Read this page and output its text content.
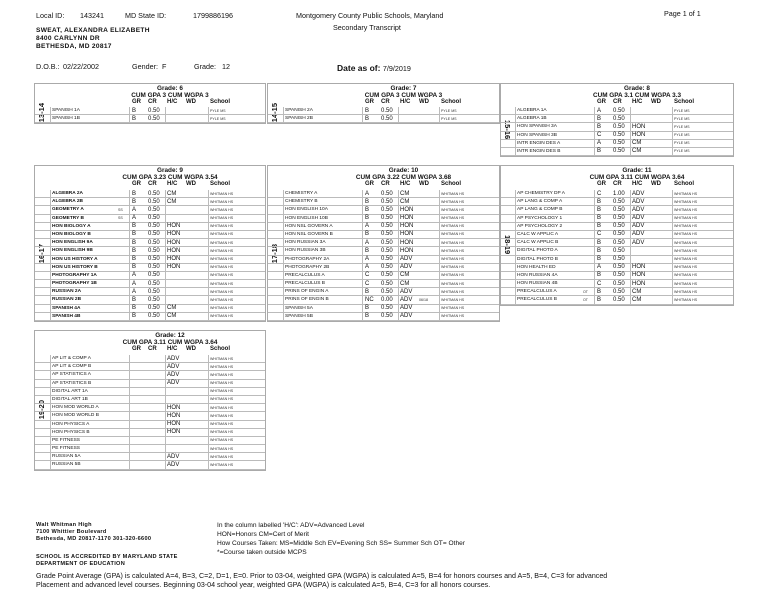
Local ID: 143241	MD State ID:	1799886196	Montgomery County Public Schools, Maryland
Secondary Transcript
Page 1 of 1
SWEAT, ALEXANDRA ELIZABETH
8400 CARLYNN DR
BETHESDA, MD 20817
D.O.B.: 02/22/2002	Gender: F	Grade: 12	Date as of: 7/9/2019
Grade: 6
CUM GPA 3 CUM WGPA 3
GR CR H/C WD School
13-14 SPANISH 1A	B 0.50	PYLE MS
SPANISH 1B	B 0.50	PYLE MS
Grade: 7
CUM GPA 3 CUM WGPA 3
GR CR H/C WD School
14-15 SPANISH 2A	B 0.50	PYLE MS
SPANISH 2B	B 0.50	PYLE MS
Grade: 8
CUM GPA 3.1 CUM WGPA 3.3
GR CR H/C WD School
15-16
ALGEBRA 1A	A 0.50	PYLE MS
ALGEBRA 1B	B 0.50	PYLE MS
HON SPANISH 3A	B 0.50 HON	PYLE MS
HON SPANISH 3B	C 0.50 HON	PYLE MS
INTR ENGIN DES A	A 0.50 CM	PYLE MS
INTR ENGIN DES B	B 0.50 CM	PYLE MS
Grade: 9
CUM GPA 3.23 CUM WGPA 3.54
GR CR H/C WD School
16-17
ALGEBRA 2A	B 0.50 CM	WHITMAN HS
ALGEBRA 2B	B 0.50 CM	WHITMAN HS
GEOMETRY A	SS A 0.50	WHITMAN HS
GEOMETRY B	SS A 0.50	WHITMAN HS
HON BIOLOGY A	B 0.50 HON	WHITMAN HS
HON BIOLOGY B	B 0.50 HON	WHITMAN HS
HON ENGLISH 9A	B 0.50 HON	WHITMAN HS
HON ENGLISH 9B	B 0.50 HON	WHITMAN HS
HON US HISTORY A	B 0.50 HON	WHITMAN HS
HON US HISTORY B	B 0.50 HON	WHITMAN HS
PHOTOGRAPHY 1A	A 0.50	WHITMAN HS
PHOTOGRAPHY 1B	A 0.50	WHITMAN HS
RUSSIAN 2A	A 0.50	WHITMAN HS
RUSSIAN 2B	B 0.50	WHITMAN HS
SPANISH 4A	B 0.50 CM	WHITMAN HS
SPANISH 4B	B 0.50 CM	WHITMAN HS
Grade: 10
CUM GPA 3.22 CUM WGPA 3.68
GR CR H/C WD School
17-18
CHEMISTRY A	A 0.50 CM	WHITMAN HS
CHEMISTRY B	B 0.50 CM	WHITMAN HS
HON ENGLISH 10A	B 0.50 HON	WHITMAN HS
HON ENGLISH 10B	B 0.50 HON	WHITMAN HS
HON NSL GOVERN A	A 0.50 HON	WHITMAN HS
HON NSL GOVERN B	B 0.50 HON	WHITMAN HS
HON RUSSIAN 3A	A 0.50 HON	WHITMAN HS
HON RUSSIAN 3B	B 0.50 HON	WHITMAN HS
PHOTOGRAPHY 2A	A 0.50 ADV	WHITMAN HS
PHOTOGRAPHY 2B	A 0.50 ADV	WHITMAN HS
PRECALCULUS A	C 0.50 CM	WHITMAN HS
PRECALCULUS B	C 0.50 CM	WHITMAN HS
PRINS OF ENGIN A	B 0.50 ADV	WHITMAN HS
PRINS OF ENGIN B	NC 0.00 ADV	WHITMAN HS
06/18
SPANISH 5A	B 0.50 ADV	WHITMAN HS
SPANISH 5B	B 0.50 ADV	WHITMAN HS
Grade: 11
CUM GPA 3.11 CUM WGPA 3.64
GR CR H/C WD School
18-19
AP CHEMISTRY DP A	C 1.00 ADV	WHITMAN HS
AP LANG & COMP A	B 0.50 ADV	WHITMAN HS
AP LANG & COMP B	B 0.50 ADV	WHITMAN HS
AP PSYCHOLOGY 1	B 0.50 ADV	WHITMAN HS
AP PSYCHOLOGY 2	B 0.50 ADV	WHITMAN HS
CALC W APPLIC A	C 0.50 ADV	WHITMAN HS
CALC W APPLIC B	B 0.50 ADV	WHITMAN HS
DIGITAL PHOTO A	B 0.50	WHITMAN HS
DIGITAL PHOTO B	B 0.50	WHITMAN HS
HON HEALTH ED	A 0.50 HON	WHITMAN HS
HON RUSSIAN 4A	B 0.50 HON	WHITMAN HS
HON RUSSIAN 4B	C 0.50 HON	WHITMAN HS
PRECALCULUS A	OT B 0.50 CM	WHITMAN HS
PRECALCULUS B	OT B 0.50 CM	WHITMAN HS
Grade: 12
CUM GPA 3.11 CUM WGPA 3.64
GR CR H/C WD School
19-20
AP LIT & COMP A	ADV	WHITMAN HS
AP LIT & COMP B	ADV	WHITMAN HS
AP STATISTICS A	ADV	WHITMAN HS
AP STATISTICS B	ADV	WHITMAN HS
DIGITAL ART 1A	WHITMAN HS
DIGITAL ART 1B	WHITMAN HS
HON MOD WORLD A	HON	WHITMAN HS
HON MOD WORLD B	HON	WHITMAN HS
HON PHYSICS A	HON	WHITMAN HS
HON PHYSICS B	HON	WHITMAN HS
PE FITNESS	WHITMAN HS
PE FITNESS	WHITMAN HS
RUSSIAN 5A	ADV	WHITMAN HS
RUSSIAN 5B	ADV	WHITMAN HS
Walt Whitman High
7100 Whittier Boulevard
Bethesda, MD 20817-1170 301-320-6600
SCHOOL IS ACCREDITED BY MARYLAND STATE
DEPARTMENT OF EDUCATION
In the column labelled 'H/C': ADV=Advanced Level
HON=Honors CM=Cert of Merit
How Courses Taken: MS=Middle Sch EV=Evening Sch SS= Summer Sch OT= Other
*=Course taken outside MCPS
Grade Point Average (GPA) is calculated A=4, B=3, C=2, D=1, E=0. Prior to 03-04, weighted GPA (WGPA) is calculated A=5, B=4 for honors courses and A=5, B=4, C=3 for advanced
Placement and advanced level courses. Beginning 03-04 school year, weighted GPA (WGPA) is calculated A=5, B=4, C=3 for all honors courses.
